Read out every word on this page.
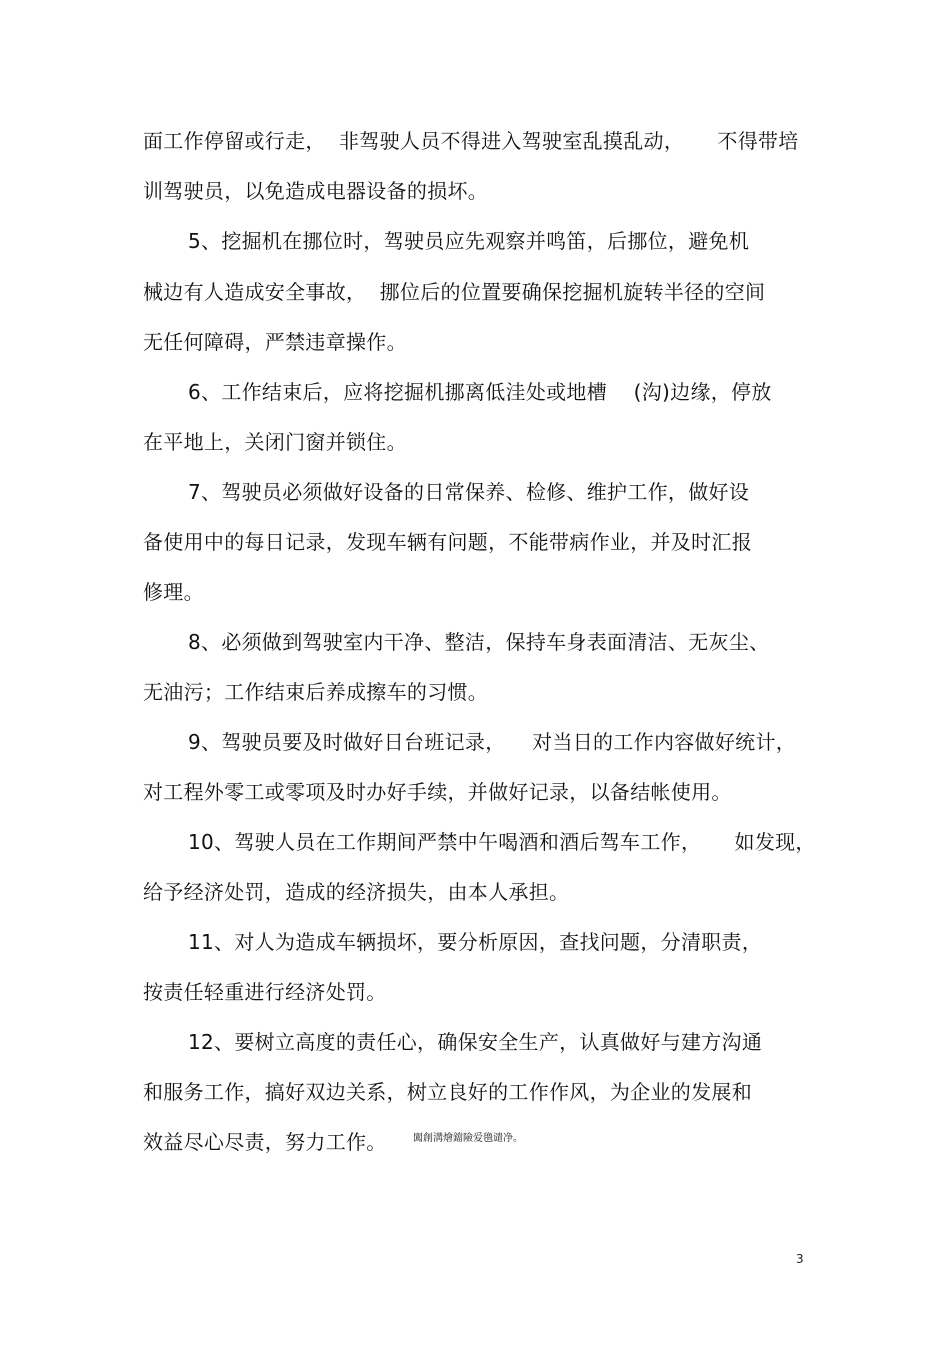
面工作停留或行走，  非驾驶人员不得进入驾驶室乱摸乱动，     不得带培
训驾驶员，以免造成电器设备的损坏。
5、挖掘机在挪位时，驾驶员应先观察并鸣笛，后挪位，避免机
械边有人造成安全事故，  挪位后的位置要确保挖掘机旋转半径的空间
无任何障碍，严禁违章操作。
6、工作结束后，应将挖掘机挪离低洼处或地槽    (沟)边缘，停放
在平地上，关闭门窗并锁住。
7、驾驶员必须做好设备的日常保养、检修、维护工作，做好设
备使用中的每日记录，发现车辆有问题，不能带病作业，并及时汇报
修理。
8、必须做到驾驶室内干净、整洁，保持车身表面清洁、无灰尘、
无油污；工作结束后养成擦车的习惯。
9、驾驶员要及时做好日台班记录，    对当日的工作内容做好统计，
对工程外零工或零项及时办好手续，并做好记录，以备结帐使用。
10、驾驶人员在工作期间严禁中午喝酒和酒后驾车工作，     如发现，
给予经济处罚，造成的经济损失，由本人承担。
11、对人为造成车辆损坏，要分析原因，查找问题，分清职责，
按责任轻重进行经济处罚。
12、要树立高度的责任心，确保安全生产，认真做好与建方沟通
和服务工作，搞好双边关系，树立良好的工作作风，为企业的发展和
效益尽心尽责，努力工作。	闖創溝燴鐺險爱氇谴净。
3
